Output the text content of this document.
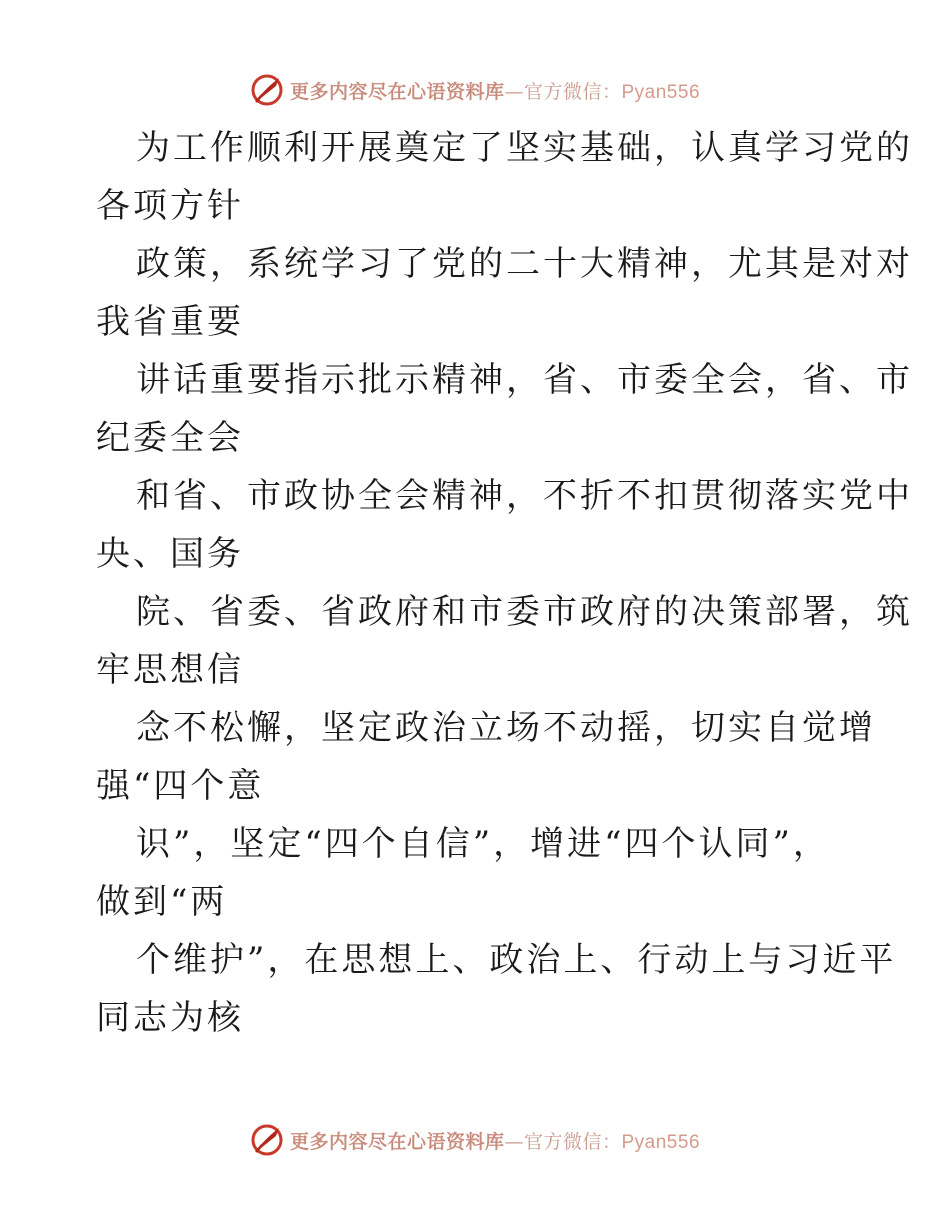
更多内容尽在心语资料库—官方微信：Pyan556
为工作顺利开展奠定了坚实基础，认真学习党的
各项方针
政策，系统学习了党的二十大精神，尤其是对对
我省重要
讲话重要指示批示精神，省、市委全会，省、市
纪委全会
和省、市政协全会精神，不折不扣贯彻落实党中
央、国务
院、省委、省政府和市委市政府的决策部署，筑
牢思想信
念不松懈，坚定政治立场不动摇，切实自觉增
强“四个意
识”，坚定“四个自信”，增进“四个认同”，
做到“两
个维护”，在思想上、政治上、行动上与习近平
同志为核
更多内容尽在心语资料库—官方微信：Pyan556
